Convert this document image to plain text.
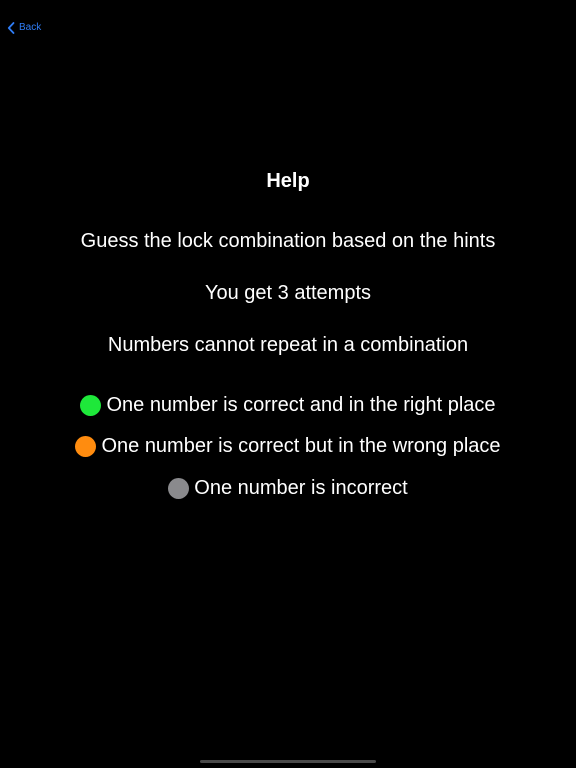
Back
Help
Guess the lock combination based on the hints
You get 3 attempts
Numbers cannot repeat in a combination
One number is correct and in the right place
One number is correct but in the wrong place
One number is incorrect
